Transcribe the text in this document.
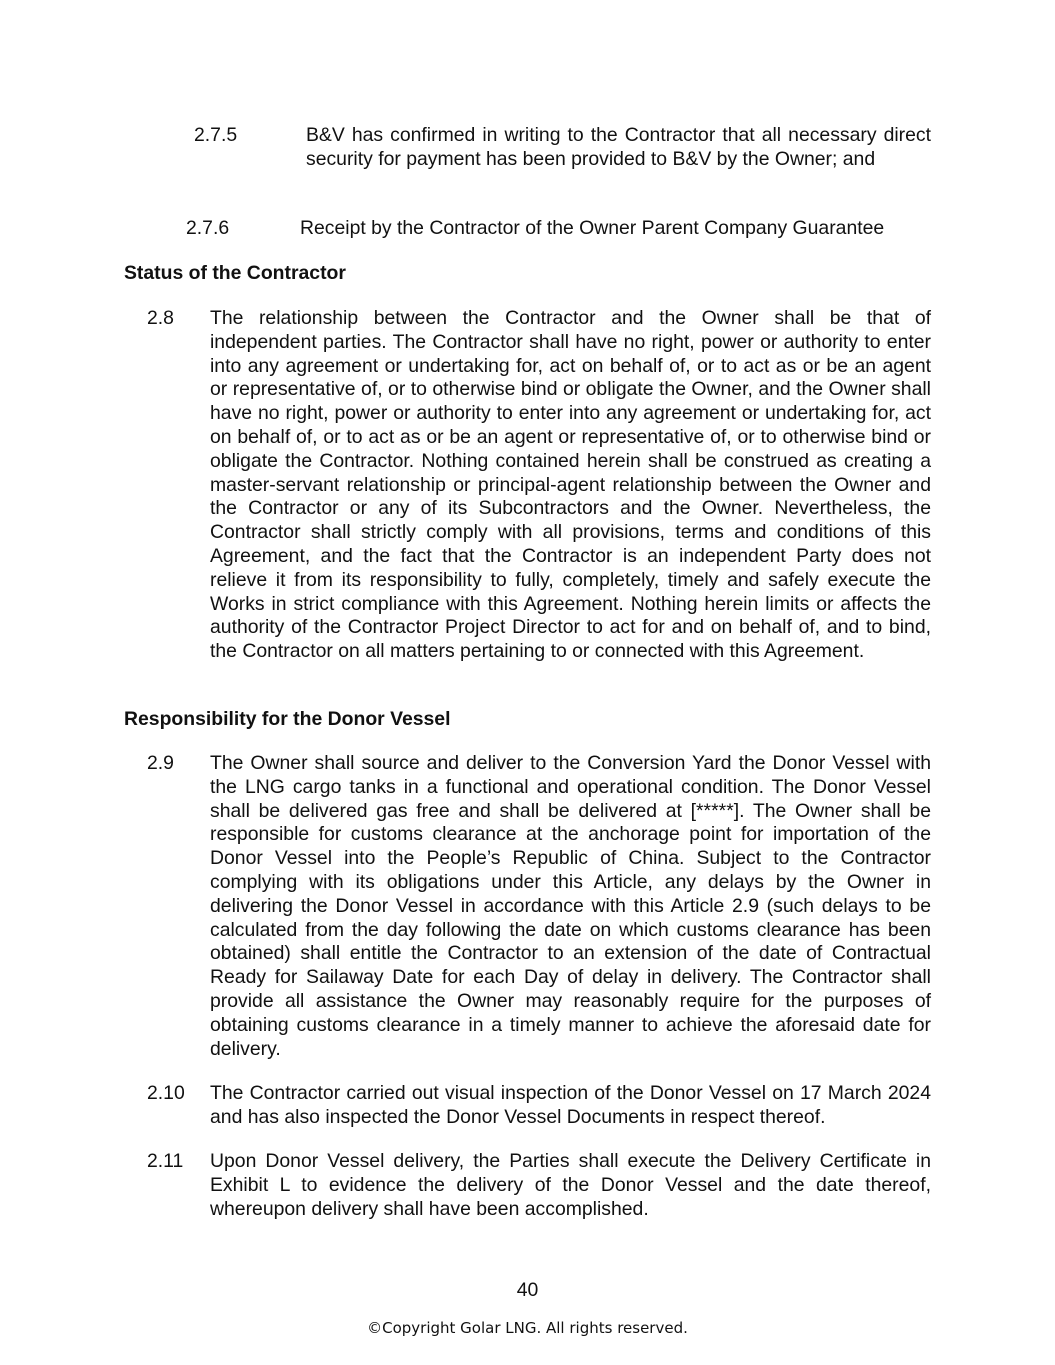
2.7.5	B&V has confirmed in writing to the Contractor that all necessary direct security for payment has been provided to B&V by the Owner; and
2.7.6	Receipt by the Contractor of the Owner Parent Company Guarantee
Status of the Contractor
2.8 The relationship between the Contractor and the Owner shall be that of independent parties. The Contractor shall have no right, power or authority to enter into any agreement or undertaking for, act on behalf of, or to act as or be an agent or representative of, or to otherwise bind or obligate the Owner, and the Owner shall have no right, power or authority to enter into any agreement or undertaking for, act on behalf of, or to act as or be an agent or representative of, or to otherwise bind or obligate the Contractor. Nothing contained herein shall be construed as creating a master-servant relationship or principal-agent relationship between the Owner and the Contractor or any of its Subcontractors and the Owner. Nevertheless, the Contractor shall strictly comply with all provisions, terms and conditions of this Agreement, and the fact that the Contractor is an independent Party does not relieve it from its responsibility to fully, completely, timely and safely execute the Works in strict compliance with this Agreement. Nothing herein limits or affects the authority of the Contractor Project Director to act for and on behalf of, and to bind, the Contractor on all matters pertaining to or connected with this Agreement.
Responsibility for the Donor Vessel
2.9 The Owner shall source and deliver to the Conversion Yard the Donor Vessel with the LNG cargo tanks in a functional and operational condition. The Donor Vessel shall be delivered gas free and shall be delivered at [*****]. The Owner shall be responsible for customs clearance at the anchorage point for importation of the Donor Vessel into the People’s Republic of China. Subject to the Contractor complying with its obligations under this Article, any delays by the Owner in delivering the Donor Vessel in accordance with this Article 2.9 (such delays to be calculated from the day following the date on which customs clearance has been obtained) shall entitle the Contractor to an extension of the date of Contractual Ready for Sailaway Date for each Day of delay in delivery. The Contractor shall provide all assistance the Owner may reasonably require for the purposes of obtaining customs clearance in a timely manner to achieve the aforesaid date for delivery.
2.10 The Contractor carried out visual inspection of the Donor Vessel on 17 March 2024 and has also inspected the Donor Vessel Documents in respect thereof.
2.11 Upon Donor Vessel delivery, the Parties shall execute the Delivery Certificate in Exhibit L to evidence the delivery of the Donor Vessel and the date thereof, whereupon delivery shall have been accomplished.
40
©Copyright Golar LNG. All rights reserved.
